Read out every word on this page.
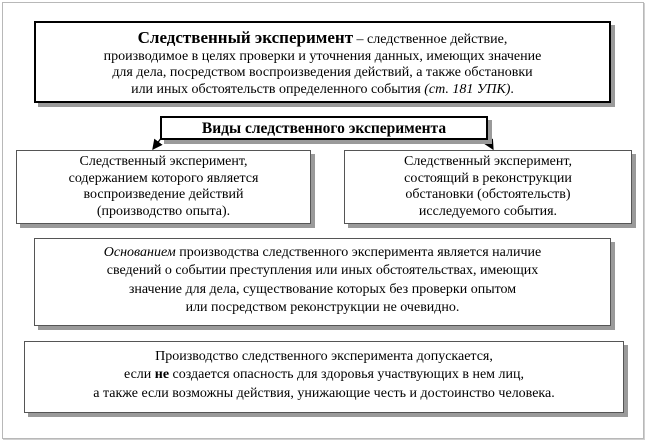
Следственный эксперимент – следственное действие,
производимое в целях проверки и уточнения данных, имеющих значение
для дела, посредством воспроизведения действий, а также обстановки
или иных обстоятельств определенного события (ст. 181 УПК).
Виды следственного эксперимента
Следственный эксперимент,
содержанием которого является
воспроизведение действий
(производство опыта).
Следственный эксперимент,
состоящий в реконструкции
обстановки (обстоятельств)
исследуемого события.
Основанием производства следственного эксперимента является наличие
сведений о событии преступления или иных обстоятельствах, имеющих
значение для дела, существование которых без проверки опытом
или посредством реконструкции не очевидно.
Производство следственного эксперимента допускается,
если не создается опасность для здоровья участвующих в нем лиц,
а также если возможны действия, унижающие честь и достоинство человека.
